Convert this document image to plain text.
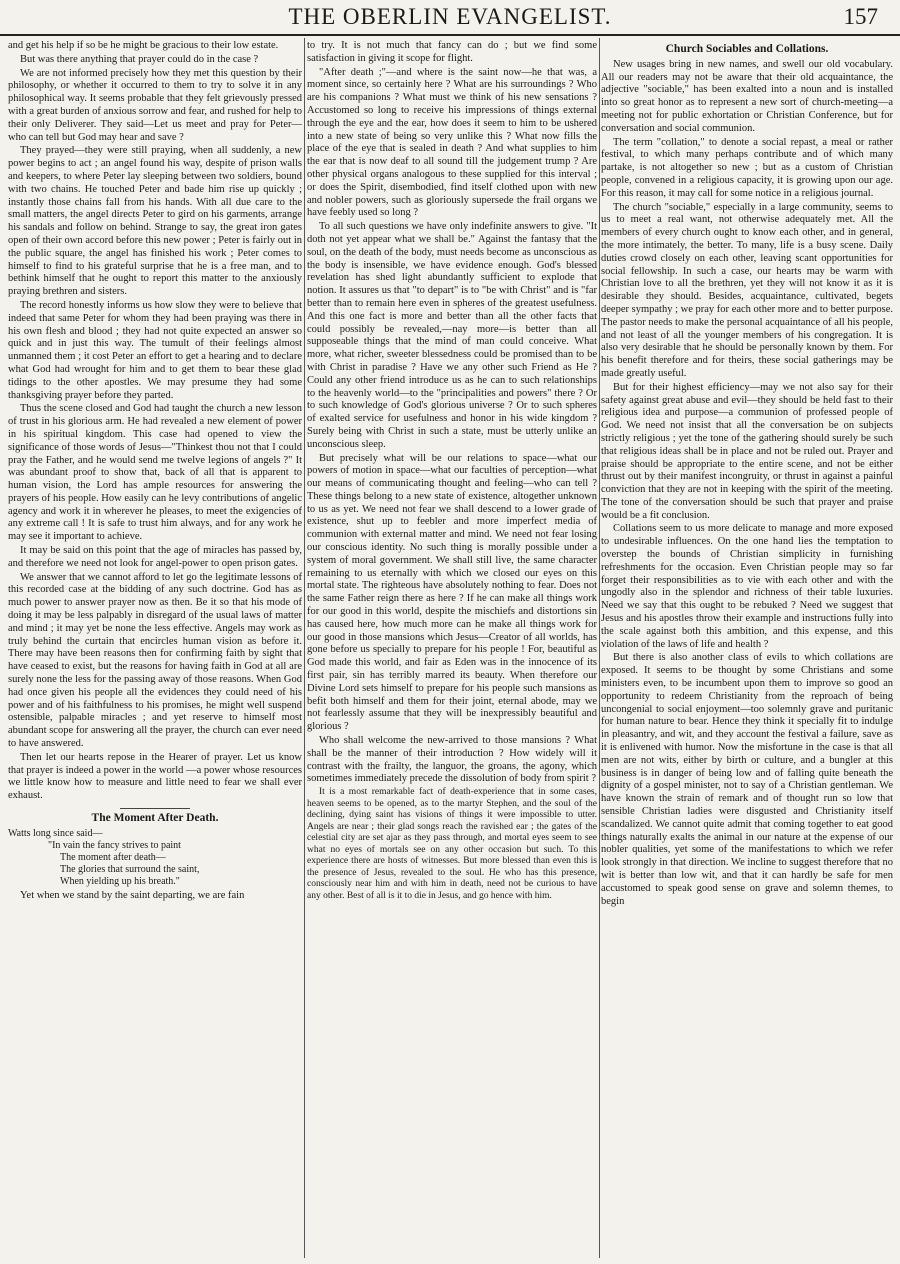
THE OBERLIN EVANGELIST.	157

and get his help if so be he might be gracious to their low estate.

But was there anything that prayer could do in the case ?

We are not informed precisely how they met this question by their philosophy, or whether it occurred to them to try to solve it in any philosophical way. It seems probable that they felt grievously pressed with a great burden of anxious sorrow and fear, and rushed for help to their only Deliverer. They said—Let us meet and pray for Peter—who can tell but God may hear and save ?

They prayed—they were still praying, when all suddenly, a new power begins to act ; an angel found his way, despite of prison walls and keepers, to where Peter lay sleeping between two soldiers, bound with two chains. He touched Peter and bade him rise up quickly ; instantly those chains fall from his hands. With all due care to the small matters, the angel directs Peter to gird on his garments, arrange his sandals and follow on behind. Strange to say, the great iron gates open of their own accord before this new power ; Peter is fairly out in the public square, the angel has finished his work ; Peter comes to himself to find to his grateful surprise that he is a free man, and to bethink himself that he ought to report this matter to the anxiously praying brethren and sisters.

The record honestly informs us how slow they were to believe that indeed that same Peter for whom they had been praying was there in his own flesh and blood ; they had not quite expected an answer so quick and in just this way. The tumult of their feelings almost unmanned them ; it cost Peter an effort to get a hearing and to declare what God had wrought for him and to get them to bear these glad tidings to the other apostles. We may presume they had some thanksgiving prayer before they parted.

Thus the scene closed and God had taught the church a new lesson of trust in his glorious arm. He had revealed a new element of power in his spiritual kingdom. This case had opened to view the significance of those words of Jesus—"Thinkest thou not that I could pray the Father, and he would send me twelve legions of angels ?" It was abundant proof to show that, back of all that is apparent to human vision, the Lord has ample resources for answering the prayers of his people. How easily can he levy contributions of angelic agency and work it in wherever he pleases, to meet the exigencies of any extreme call ! It is safe to trust him always, and for any work he may see it important to achieve.

It may be said on this point that the age of miracles has passed by, and therefore we need not look for angel-power to open prison gates.

We answer that we cannot afford to let go the legitimate lessons of this recorded case at the bidding of any such doctrine. God has as much power to answer prayer now as then. Be it so that his mode of doing it may be less palpably in disregard of the usual laws of matter and mind ; it may yet be none the less effective. Angels may work as truly behind the curtain that encircles human vision as before it. There may have been reasons then for confirming faith by sight that have ceased to exist, but the reasons for having faith in God at all are surely none the less for the passing away of those reasons. When God had once given his people all the evidences they could need of his power and of his faithfulness to his promises, he might well suspend ostensible, palpable miracles ; and yet reserve to himself most abundant scope for answering all the prayer, the church can ever need to have answered.

Then let our hearts repose in the Hearer of prayer. Let us know that prayer is indeed a power in the world —a power whose resources we little know how to measure and little need to fear we shall ever exhaust.

The Moment After Death.
Watts long since said—
"In vain the fancy strives to paint
The moment after death—
The glories that surround the saint,
When yielding up his breath."

Yet when we stand by the saint departing, we are fain

to try. It is not much that fancy can do ; but we find some satisfaction in giving it scope for flight.

"After death ;"—and where is the saint now—he that was, a moment since, so certainly here ? What are his surroundings ? Who are his companions ? What must we think of his new sensations ? Accustomed so long to receive his impressions of things external through the eye and the ear, how does it seem to him to be ushered into a new state of being so very unlike this ? What now fills the place of the eye that is sealed in death ? And what supplies to him the ear that is now deaf to all sound till the judgement trump ? Are other physical organs analogous to these supplied for this interval ; or does the Spirit, disembodied, find itself clothed upon with new and nobler powers, such as gloriously supersede the frail organs we have feebly used so long ?

To all such questions we have only indefinite answers to give. "It doth not yet appear what we shall be." Against the fantasy that the soul, on the death of the body, must needs become as unconscious as the body is insensible, we have evidence enough. God's blessed revelation has shed light abundantly sufficient to explode that notion. It assures us that "to depart" is to "be with Christ" and is "far better than to remain here even in spheres of the greatest usefulness. And this one fact is more and better than all the other facts that could possibly be revealed,—nay more—is better than all supposeable things that the mind of man could conceive. What more, what richer, sweeter blessedness could be promised than to be with Christ in paradise ? Have we any other such Friend as He ? Could any other friend introduce us as he can to such relationships to the heavenly world—to the "principalities and powers" there ? Or to such knowledge of God's glorious universe ? Or to such spheres of exalted service for usefulness and honor in his wide kingdom ? Surely being with Christ in such a state, must be utterly unlike an unconscious sleep.

But precisely what will be our relations to space—what our powers of motion in space—what our faculties of perception—what our means of communicating thought and feeling—who can tell ? These things belong to a new state of existence, altogether unknown to us as yet. We need not fear we shall descend to a lower grade of existence, shut up to feebler and more imperfect media of communion with external matter and mind. We need not fear losing our conscious identity. No such thing is morally possible under a system of moral government. We shall still live, the same character remaining to us eternally with which we closed our eyes on this mortal state. The righteous have absolutely nothing to fear. Does not the same Father reign there as here ? If he can make all things work for our good in this world, despite the mischiefs and distortions sin has caused here, how much more can he make all things work for our good in those mansions which Jesus—Creator of all worlds, has gone before us specially to prepare for his people ! For, beautiful as God made this world, and fair as Eden was in the innocence of its first pair, sin has terribly marred its beauty. When therefore our Divine Lord sets himself to prepare for his people such mansions as befit both himself and them for their joint, eternal abode, may we not fearlessly assume that they will be inexpressibly beautiful and glorious ?

Who shall welcome the new-arrived to those mansions ? What shall be the manner of their introduction ? How widely will it contrast with the frailty, the languor, the groans, the agony, which sometimes immediately precede the dissolution of body from spirit ?

It is a most remarkable fact of death-experience that in some cases, heaven seems to be opened, as to the martyr Stephen, and the soul of the declining, dying saint has visions of things it were impossible to utter. Angels are near ; their glad songs reach the ravished ear ; the gates of the celestial city are set ajar as they pass through, and mortal eyes seem to see what no eyes of mortals see on any other occasion but such. To this experience there are hosts of witnesses. But more blessed than even this is the presence of Jesus, revealed to the soul. He who has this presence, consciously near him and with him in death, need not be curious to have any other. Best of all is it to die in Jesus, and go hence with him.

Church Sociables and Collations.

New usages bring in new names, and swell our old vocabulary. All our readers may not be aware that their old acquaintance, the adjective "sociable," has been exalted into a noun and is installed into so great honor as to represent a new sort of church-meeting—a meeting not for public exhortation or Christian Conference, but for conversation and social communion.

The term "collation," to denote a social repast, a meal or rather festival, to which many perhaps contribute and of which many partake, is not altogether so new ; but as a custom of Christian people, convened in a religious capacity, it is growing upon our age. For this reason, it may call for some notice in a religious journal.

The church "sociable," especially in a large community, seems to us to meet a real want, not otherwise adequately met. All the members of every church ought to know each other, and in general, the more intimately, the better. To many, life is a busy scene. Daily duties crowd closely on each other, leaving scant opportunities for social fellowship. In such a case, our hearts may be warm with Christian love to all the brethren, yet they will not know it as it is desirable they should. Besides, acquaintance, cultivated, begets deeper sympathy ; we pray for each other more and to better purpose. The pastor needs to make the personal acquaintance of all his people, and not least of all the younger members of his congregation. It is also very desirable that he should be personally known by them. For his benefit therefore and for theirs, these social gatherings may be made greatly useful.

But for their highest efficiency—may we not also say for their safety against great abuse and evil—they should be held fast to their religious idea and purpose—a communion of professed people of God. We need not insist that all the conversation be on subjects strictly religious ; yet the tone of the gathering should surely be such that religious ideas shall be in place and not be ruled out. Prayer and praise should be appropriate to the entire scene, and not be either thrust out by their manifest incongruity, or thrust in against a painful conviction that they are not in keeping with the spirit of the meeting. The tone of the conversation should be such that prayer and praise would be a fit conclusion.

Collations seem to us more delicate to manage and more exposed to undesirable influences. On the one hand lies the temptation to overstep the bounds of Christian simplicity in furnishing refreshments for the occasion. Even Christian people may so far forget their responsibilities as to vie with each other and with the ungodly also in the splendor and richness of their table luxuries. Need we say that this ought to be rebuked ? Need we suggest that Jesus and his apostles throw their example and instructions fully into the scale against both this ambition, and this expense, and this violation of the laws of life and health ?

But there is also another class of evils to which collations are exposed. It seems to be thought by some Christians and some ministers even, to be incumbent upon them to improve so good an opportunity to redeem Christianity from the reproach of being uncongenial to social enjoyment—too solemnly grave and puritanic for human nature to bear. Hence they think it specially fit to indulge in pleasantry, and wit, and they account the festival a failure, save as it is enlivened with humor. Now the misfortune in the case is that all men are not wits, either by birth or culture, and a bungler at this business is in danger of being low and of falling quite beneath the dignity of a gospel minister, not to say of a Christian gentleman. We have known the strain of remark and of thought run so low that sensible Christian ladies were disgusted and Christianity itself scandalized. We cannot quite admit that coming together to eat good things naturally exalts the animal in our nature at the expense of our nobler qualities, yet some of the manifestations to which we refer look strongly in that direction. We incline to suggest therefore that no wit is better than low wit, and that it can hardly be safe for men accustomed to speak good sense on grave and solemn themes, to begin
